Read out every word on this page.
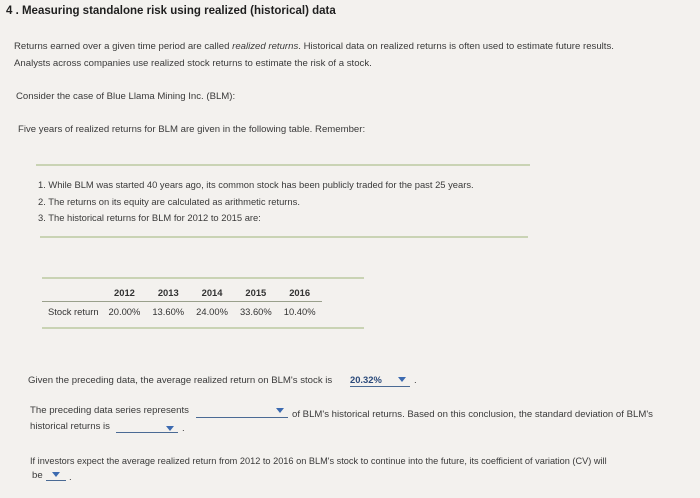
4 . Measuring standalone risk using realized (historical) data
Returns earned over a given time period are called realized returns. Historical data on realized returns is often used to estimate future results.
Analysts across companies use realized stock returns to estimate the risk of a stock.
Consider the case of Blue Llama Mining Inc. (BLM):
Five years of realized returns for BLM are given in the following table. Remember:
1. While BLM was started 40 years ago, its common stock has been publicly traded for the past 25 years.
2. The returns on its equity are calculated as arithmetic returns.
3. The historical returns for BLM for 2012 to 2015 are:
	2012	2013	2014	2015	2016
Stock return	20.00%	13.60%	24.00%	33.60%	10.40%
Given the preceding data, the average realized return on BLM's stock is 20.32%	.
The preceding data series represents	of BLM's historical returns. Based on this conclusion, the standard deviation of BLM's
historical returns is	.
If investors expect the average realized return from 2012 to 2016 on BLM's stock to continue into the future, its coefficient of variation (CV) will
be	.
